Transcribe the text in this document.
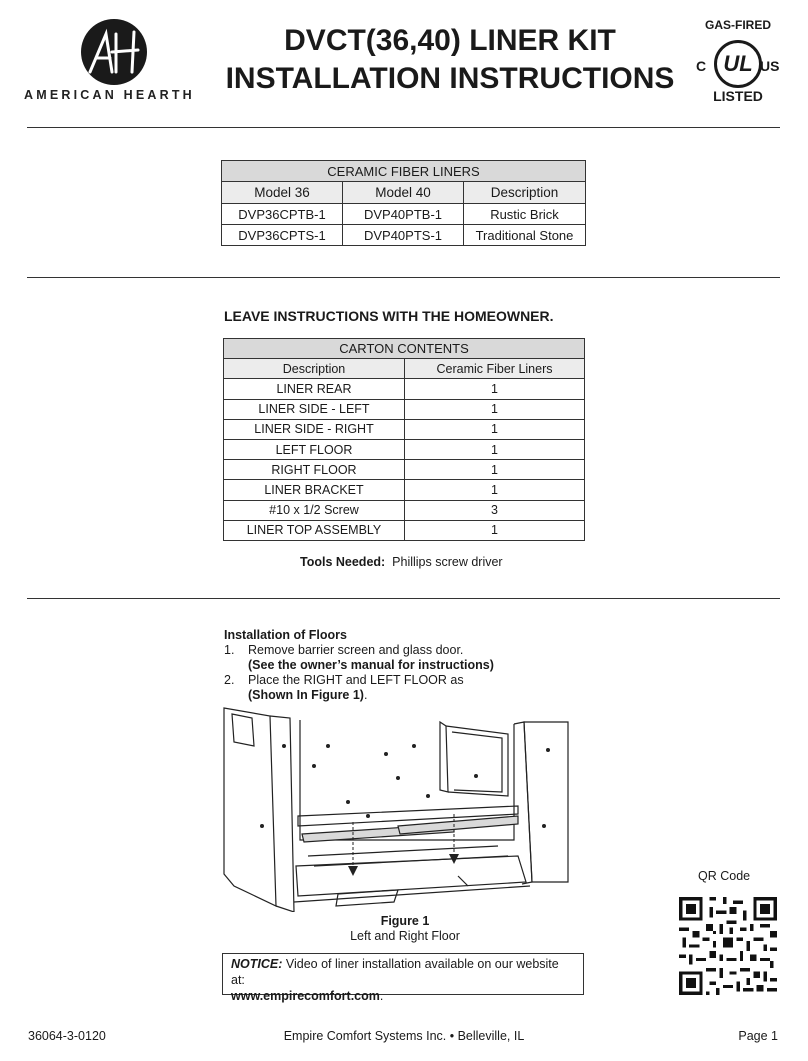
AMERICAN HEARTH
DVCT(36,40) LINER KIT
INSTALLATION INSTRUCTIONS
GAS-FIRED
C UL US
LISTED
CERAMIC FIBER LINERS		
Model 36	Model 40	Description
DVP36CPTB-1	DVP40PTB-1	Rustic Brick
DVP36CPTS-1	DVP40PTS-1	Traditional Stone
LEAVE INSTRUCTIONS WITH THE HOMEOWNER.
CARTON CONTENTS	
Description	Ceramic Fiber Liners
LINER REAR	1
LINER SIDE - LEFT	1
LINER SIDE - RIGHT	1
LEFT FLOOR	1
RIGHT FLOOR	1
LINER BRACKET	1
#10 x 1/2 Screw	3
LINER TOP ASSEMBLY	1
Tools Needed: Phillips screw driver
Installation of Floors
1.	Remove barrier screen and glass door.
(See the owner’s manual for instructions)
2.	Place the RIGHT and LEFT FLOOR as
(Shown In Figure 1).
Figure 1
Left and Right Floor
NOTICE: Video of liner installation available on our website at:
www.empirecomfort.com.
QR Code
Empire Comfort Systems Inc. • Belleville, IL
36064-3-0120	Page 1
